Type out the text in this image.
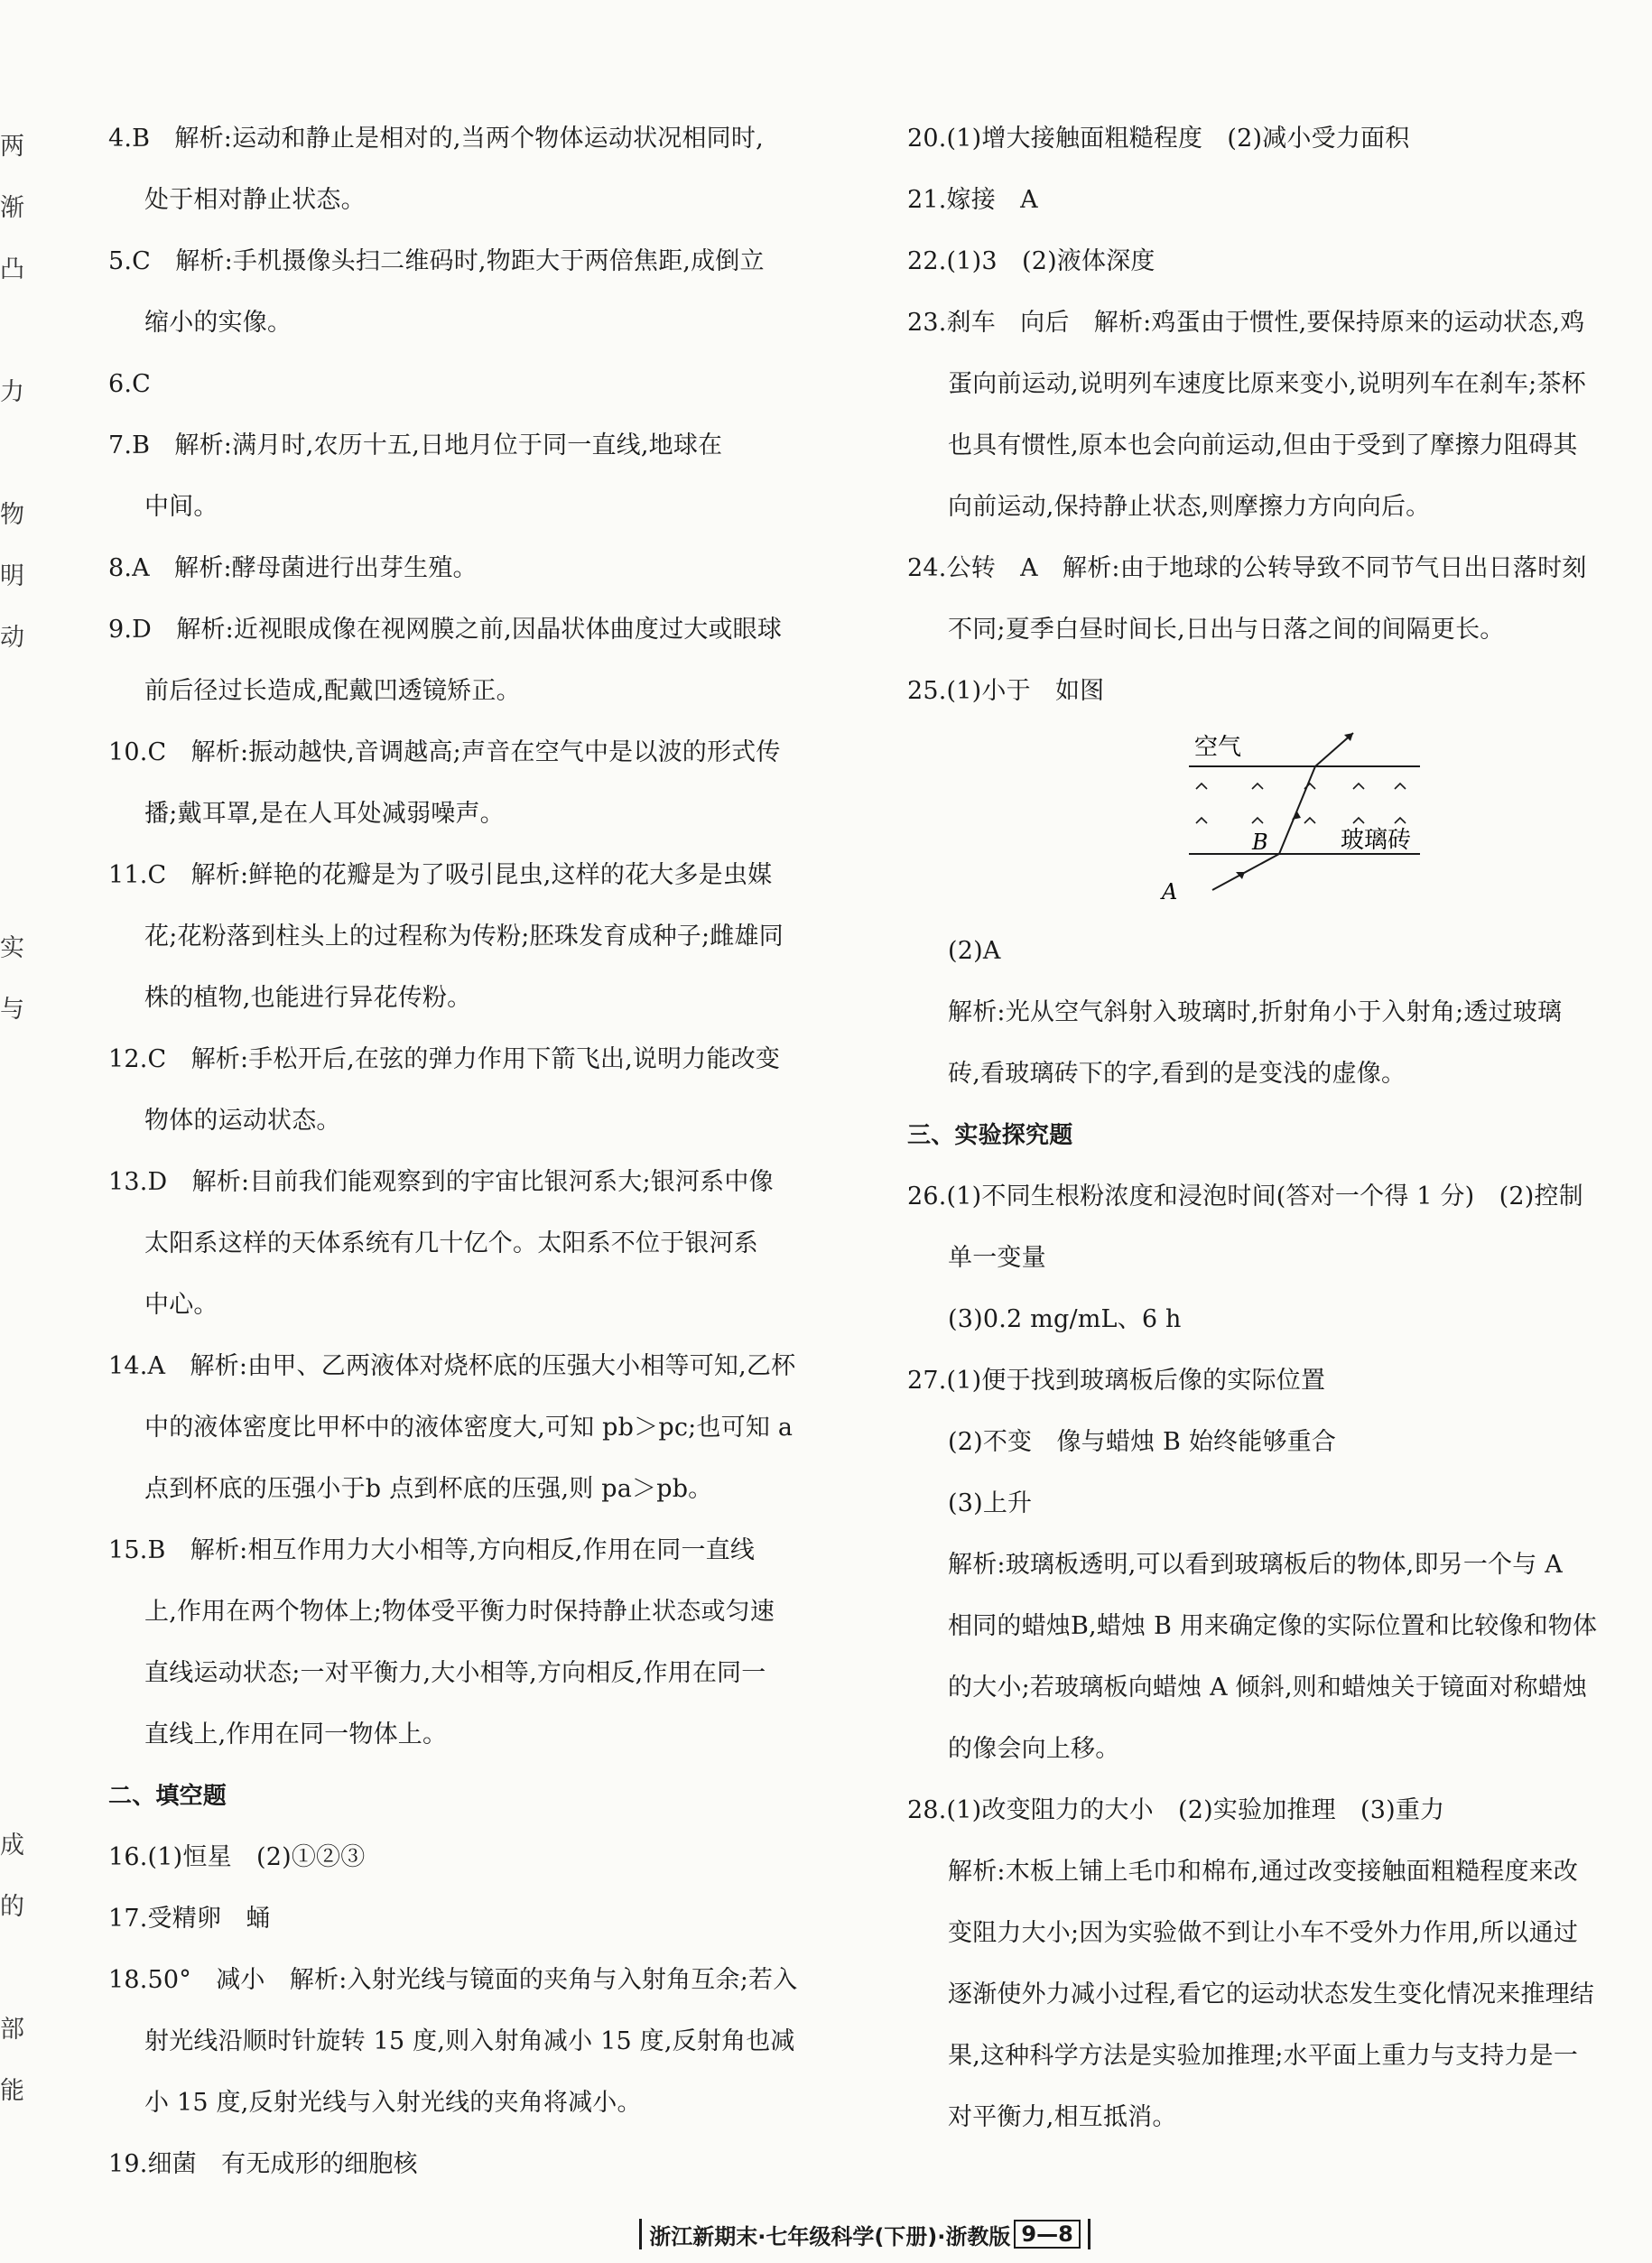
两
渐
凸
力
物
明
动
实
与
成
的
部
能
4.B　解析:运动和静止是相对的,当两个物体运动状况相同时,
处于相对静止状态。
5.C　解析:手机摄像头扫二维码时,物距大于两倍焦距,成倒立
缩小的实像。
6.C
7.B　解析:满月时,农历十五,日地月位于同一直线,地球在
中间。
8.A　解析:酵母菌进行出芽生殖。
9.D　解析:近视眼成像在视网膜之前,因晶状体曲度过大或眼球
前后径过长造成,配戴凹透镜矫正。
10.C　解析:振动越快,音调越高;声音在空气中是以波的形式传
播;戴耳罩,是在人耳处减弱噪声。
11.C　解析:鲜艳的花瓣是为了吸引昆虫,这样的花大多是虫媒
花;花粉落到柱头上的过程称为传粉;胚珠发育成种子;雌雄同
株的植物,也能进行异花传粉。
12.C　解析:手松开后,在弦的弹力作用下箭飞出,说明力能改变
物体的运动状态。
13.D　解析:目前我们能观察到的宇宙比银河系大;银河系中像
太阳系这样的天体系统有几十亿个。太阳系不位于银河系
中心。
14.A　解析:由甲、乙两液体对烧杯底的压强大小相等可知,乙杯
中的液体密度比甲杯中的液体密度大,可知 pb＞pc;也可知 a
点到杯底的压强小于b 点到杯底的压强,则 pa＞pb。
15.B　解析:相互作用力大小相等,方向相反,作用在同一直线
上,作用在两个物体上;物体受平衡力时保持静止状态或匀速
直线运动状态;一对平衡力,大小相等,方向相反,作用在同一
直线上,作用在同一物体上。
二、填空题
16.(1)恒星　(2)①②③
17.受精卵　蛹
18.50°　减小　解析:入射光线与镜面的夹角与入射角互余;若入
射光线沿顺时针旋转 15 度,则入射角减小 15 度,反射角也减
小 15 度,反射光线与入射光线的夹角将减小。
19.细菌　有无成形的细胞核
20.(1)增大接触面粗糙程度　(2)减小受力面积
21.嫁接　A
22.(1)3　(2)液体深度
23.刹车　向后　解析:鸡蛋由于惯性,要保持原来的运动状态,鸡
蛋向前运动,说明列车速度比原来变小,说明列车在刹车;茶杯
也具有惯性,原本也会向前运动,但由于受到了摩擦力阻碍其
向前运动,保持静止状态,则摩擦力方向向后。
24.公转　A　解析:由于地球的公转导致不同节气日出日落时刻
不同;夏季白昼时间长,日出与日落之间的间隔更长。
25.(1)小于　如图
空气
玻璃砖
B
A
(2)A
解析:光从空气斜射入玻璃时,折射角小于入射角;透过玻璃
砖,看玻璃砖下的字,看到的是变浅的虚像。
三、实验探究题
26.(1)不同生根粉浓度和浸泡时间(答对一个得 1 分)　(2)控制
单一变量
(3)0.2 mg/mL、6 h
27.(1)便于找到玻璃板后像的实际位置
(2)不变　像与蜡烛 B 始终能够重合
(3)上升
解析:玻璃板透明,可以看到玻璃板后的物体,即另一个与 A
相同的蜡烛B,蜡烛 B 用来确定像的实际位置和比较像和物体
的大小;若玻璃板向蜡烛 A 倾斜,则和蜡烛关于镜面对称蜡烛
的像会向上移。
28.(1)改变阻力的大小　(2)实验加推理　(3)重力
解析:木板上铺上毛巾和棉布,通过改变接触面粗糙程度来改
变阻力大小;因为实验做不到让小车不受外力作用,所以通过
逐渐使外力减小过程,看它的运动状态发生变化情况来推理结
果,这种科学方法是实验加推理;水平面上重力与支持力是一
对平衡力,相互抵消。
浙江新期末·七年级科学(下册)·浙教版 9—8
